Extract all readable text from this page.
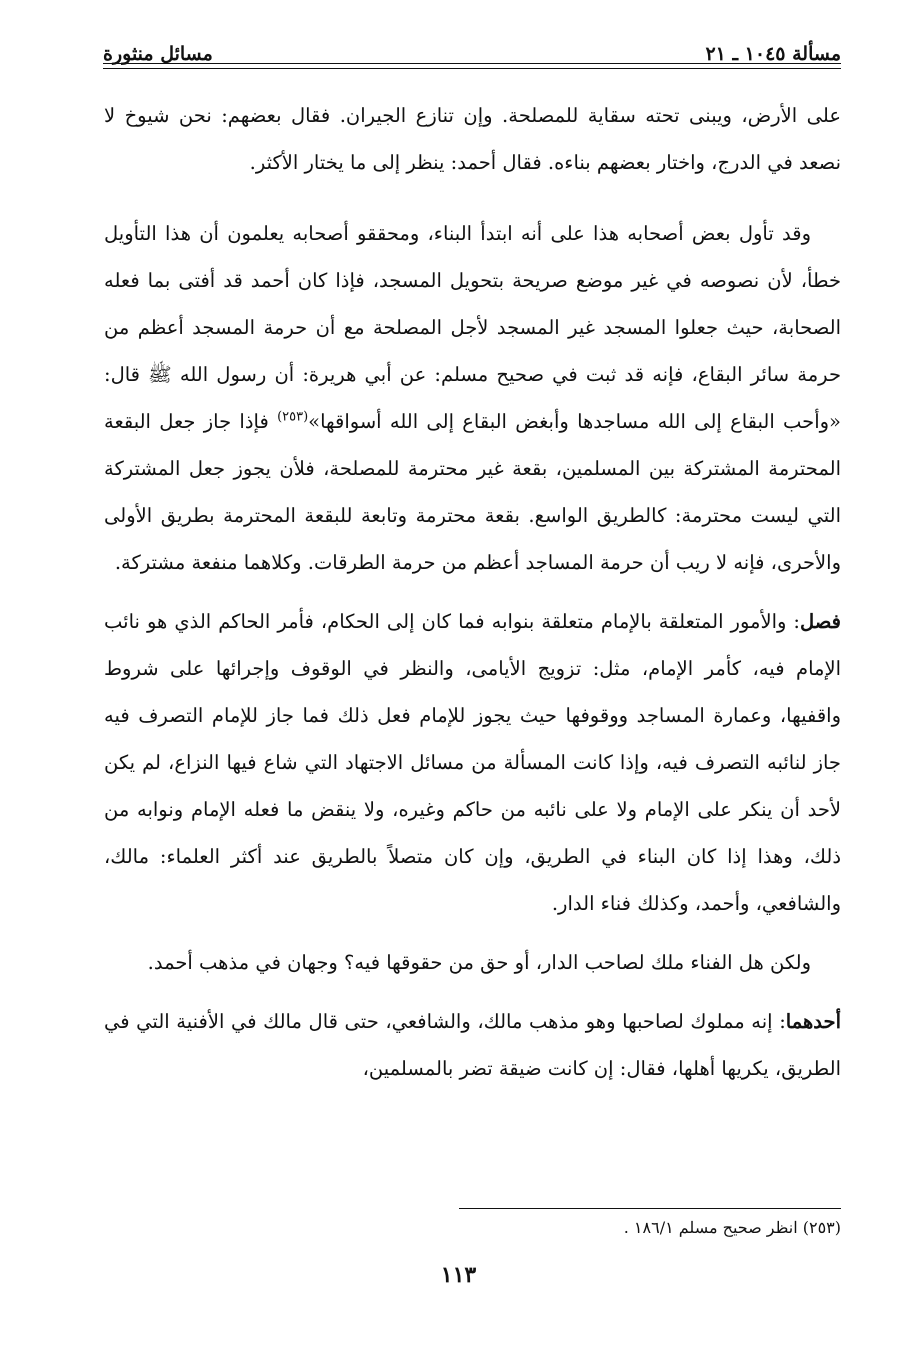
مسألة ١٠٤٥ ـ ٢١
مسائل منثورة

على الأرض، ويبنى تحته سقاية للمصلحة. وإن تنازع الجيران. فقال بعضهم: نحن شيوخ لا نصعد في الدرج، واختار بعضهم بناءه. فقال أحمد: ينظر إلى ما يختار الأكثر.

وقد تأول بعض أصحابه هذا على أنه ابتدأ البناء، ومحققو أصحابه يعلمون أن هذا التأويل خطأ، لأن نصوصه في غير موضع صريحة بتحويل المسجد، فإذا كان أحمد قد أفتى بما فعله الصحابة، حيث جعلوا المسجد غير المسجد لأجل المصلحة مع أن حرمة المسجد أعظم من حرمة سائر البقاع، فإنه قد ثبت في صحيح مسلم: عن أبي هريرة: أن رسول الله ﷺ قال: «وأحب البقاع إلى الله مساجدها وأبغض البقاع إلى الله أسواقها»$^{(٢٥٣)}$ فإذا جاز جعل البقعة المحترمة المشتركة بين المسلمين، بقعة غير محترمة للمصلحة، فلأن يجوز جعل المشتركة التي ليست محترمة: كالطريق الواسع. بقعة محترمة وتابعة للبقعة المحترمة بطريق الأولى والأحرى، فإنه لا ريب أن حرمة المساجد أعظم من حرمة الطرقات. وكلاهما منفعة مشتركة.

فصل: والأمور المتعلقة بالإمام متعلقة بنوابه فما كان إلى الحكام، فأمر الحاكم الذي هو نائب الإمام فيه، كأمر الإمام، مثل: تزويج الأيامى، والنظر في الوقوف وإجرائها على شروط واقفيها، وعمارة المساجد ووقوفها حيث يجوز للإمام فعل ذلك فما جاز للإمام التصرف فيه جاز لنائبه التصرف فيه، وإذا كانت المسألة من مسائل الاجتهاد التي شاع فيها النزاع، لم يكن لأحد أن ينكر على الإمام ولا على نائبه من حاكم وغيره، ولا ينقض ما فعله الإمام ونوابه من ذلك، وهذا إذا كان البناء في الطريق، وإن كان متصلاً بالطريق عند أكثر العلماء: مالك، والشافعي، وأحمد، وكذلك فناء الدار.

ولكن هل الفناء ملك لصاحب الدار، أو حق من حقوقها فيه؟ وجهان في مذهب أحمد.

أحدهما: إنه مملوك لصاحبها وهو مذهب مالك، والشافعي، حتى قال مالك في الأفنية التي في الطريق، يكريها أهلها، فقال: إن كانت ضيقة تضر بالمسلمين،

(٢٥٣) انظر صحيح مسلم ١٨٦/١ .
١١٣
